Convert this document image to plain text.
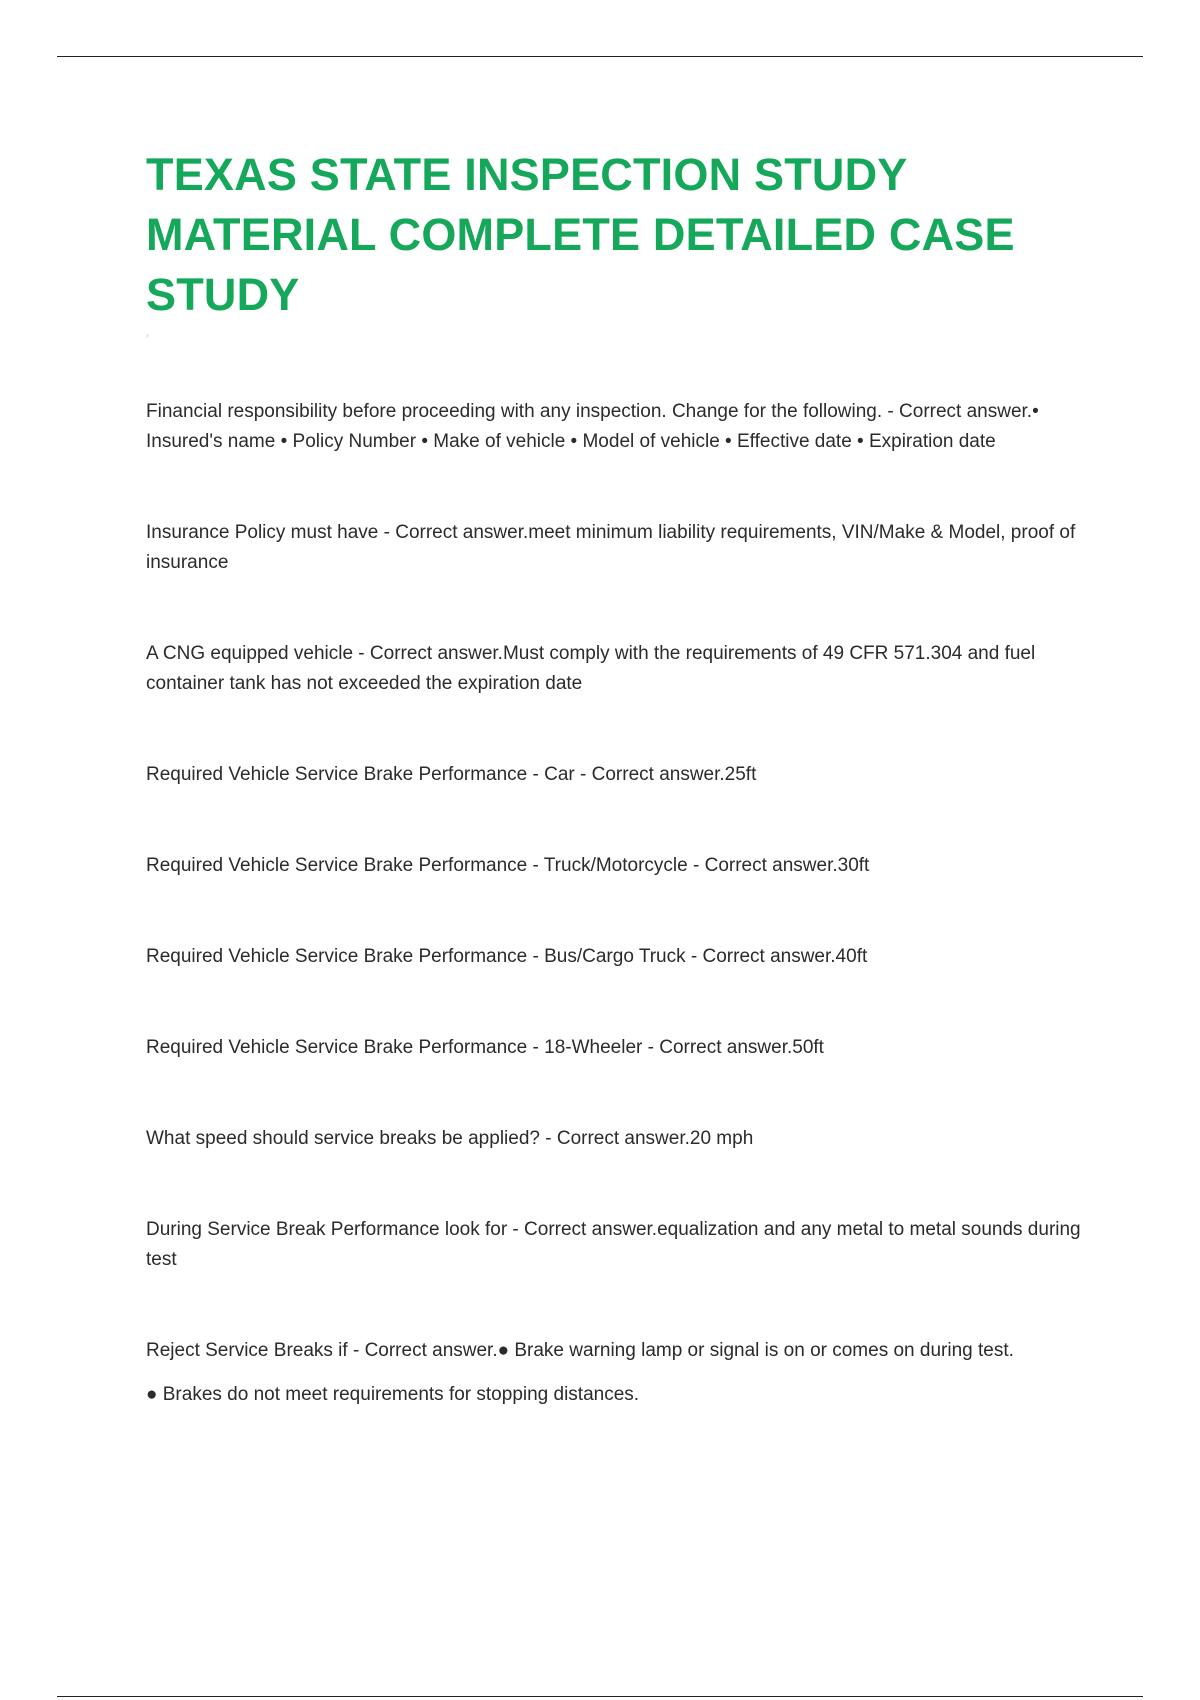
TEXAS STATE INSPECTION STUDY MATERIAL COMPLETE DETAILED CASE STUDY
›
Financial responsibility before proceeding with any inspection. Change for the following. - Correct answer.• Insured's name • Policy Number • Make of vehicle • Model of vehicle • Effective date • Expiration date
Insurance Policy must have - Correct answer.meet minimum liability requirements, VIN/Make & Model, proof of insurance
A CNG equipped vehicle - Correct answer.Must comply with the requirements of 49 CFR 571.304 and fuel container tank has not exceeded the expiration date
Required Vehicle Service Brake Performance - Car - Correct answer.25ft
Required Vehicle Service Brake Performance - Truck/Motorcycle - Correct answer.30ft
Required Vehicle Service Brake Performance - Bus/Cargo Truck - Correct answer.40ft
Required Vehicle Service Brake Performance - 18-Wheeler - Correct answer.50ft
What speed should service breaks be applied? - Correct answer.20 mph
During Service Break Performance look for - Correct answer.equalization and any metal to metal sounds during test
Reject Service Breaks if - Correct answer.● Brake warning lamp or signal is on or comes on during test.
● Brakes do not meet requirements for stopping distances.
